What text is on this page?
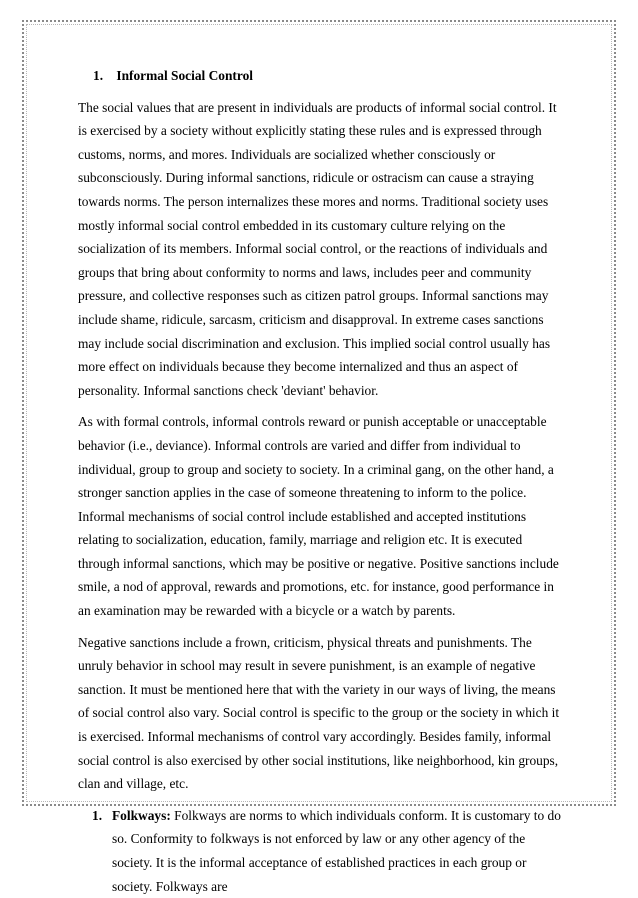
1. Informal Social Control

The social values that are present in individuals are products of informal social control. It is exercised by a society without explicitly stating these rules and is expressed through customs, norms, and mores. Individuals are socialized whether consciously or subconsciously. During informal sanctions, ridicule or ostracism can cause a straying towards norms. The person internalizes these mores and norms. Traditional society uses mostly informal social control embedded in its customary culture relying on the socialization of its members. Informal social control, or the reactions of individuals and groups that bring about conformity to norms and laws, includes peer and community pressure, and collective responses such as citizen patrol groups. Informal sanctions may include shame, ridicule, sarcasm, criticism and disapproval. In extreme cases sanctions may include social discrimination and exclusion. This implied social control usually has more effect on individuals because they become internalized and thus an aspect of personality. Informal sanctions check 'deviant' behavior.

As with formal controls, informal controls reward or punish acceptable or unacceptable behavior (i.e., deviance). Informal controls are varied and differ from individual to individual, group to group and society to society. In a criminal gang, on the other hand, a stronger sanction applies in the case of someone threatening to inform to the police. Informal mechanisms of social control include established and accepted institutions relating to socialization, education, family, marriage and religion etc. It is executed through informal sanctions, which may be positive or negative. Positive sanctions include smile, a nod of approval, rewards and promotions, etc. for instance, good performance in an examination may be rewarded with a bicycle or a watch by parents.

Negative sanctions include a frown, criticism, physical threats and punishments. The unruly behavior in school may result in severe punishment, is an example of negative sanction. It must be mentioned here that with the variety in our ways of living, the means of social control also vary. Social control is specific to the group or the society in which it is exercised. Informal mechanisms of control vary accordingly. Besides family, informal social control is also exercised by other social institutions, like neighborhood, kin groups, clan and village, etc.

1. Folkways: Folkways are norms to which individuals conform. It is customary to do so. Conformity to folkways is not enforced by law or any other agency of the society. It is the informal acceptance of established practices in each group or society. Folkways are
